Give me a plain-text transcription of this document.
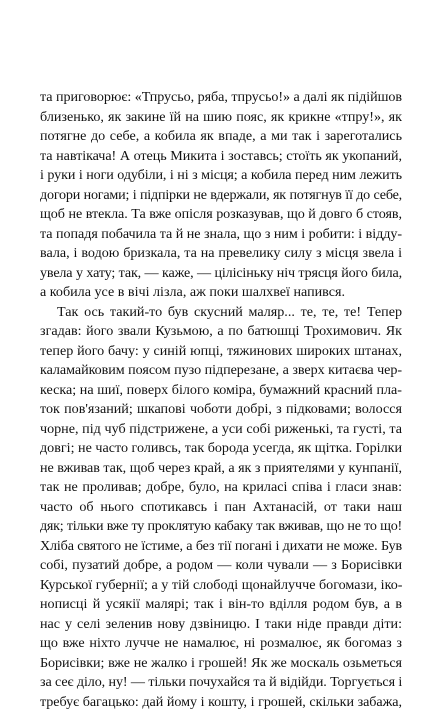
та приговорює: «Тпрусьо, ряба, тпрусьо!» а далі як підійшов
близенько, як закине їй на шию пояс, як крикне «тпру!», як
потягне до себе, а кобила як впаде, а ми так і зареготались
та навтікача! А отець Микита і зоставсь; стоїть як укопаний,
і руки і ноги одубіли, і ні з місця; а кобила перед ним лежить
догори ногами; і підпірки не вдержали, як потягнув її до себе,
щоб не втекла. Та вже опісля розказував, що й довго б стояв,
та попадя побачила та й не знала, що з ним і робити: і відду-
вала, і водою бризкала, та на превелику силу з місця звела і
увела у хату; так, — каже, — цілісіньку ніч трясця його била,
а кобила усе в вічі лізла, аж поки шалхвеї напився.
Так ось такий-то був скусний маляр... те, те, те! Тепер
згадав: його звали Кузьмою, а по батюшці Трохимович. Як
тепер його бачу: у синій юпці, тяжинових широких штанах,
каламайковим поясом пузо підперезане, а зверх китаєва чер-
кеска; на шиї, поверх білого коміра, бумажний красний пла-
ток пов'язаний; шкапові чоботи добрі, з підковами; волосся
чорне, під чуб підстрижене, а уси собі риженькі, та густі, та
довгі; не часто голивсь, так борода усегда, як щітка. Горілки
не вживав так, щоб через край, а як з приятелями у кунпанії,
так не проливав; добре, було, на криласі співа і гласи знав:
часто об нього спотикавсь і пан Ахтанасій, от таки наш
дяк; тільки вже ту проклятую кабаку так вживав, що не то що!
Хліба святого не їстиме, а без тії погані і дихати не може. Був
собі, пузатий добре, а родом — коли чували — з Борисівки
Курської губернії; а у тій слободі щонайлучче богомази, іко-
нописці й усякії малярі; так і він-то вділля родом був, а в
нас у селі зеленив нову дзвіницю. І таки ніде правди діти:
що вже ніхто лучче не намалює, ні розмалює, як богомаз з
Борисівки; вже не жалко і грошей! Як же москаль озьметься
за сеє діло, ну! — тільки почухайся та й відійди. Торгується і
требує багацько: дай йому і кошту, і грошей, скільки забажа,
